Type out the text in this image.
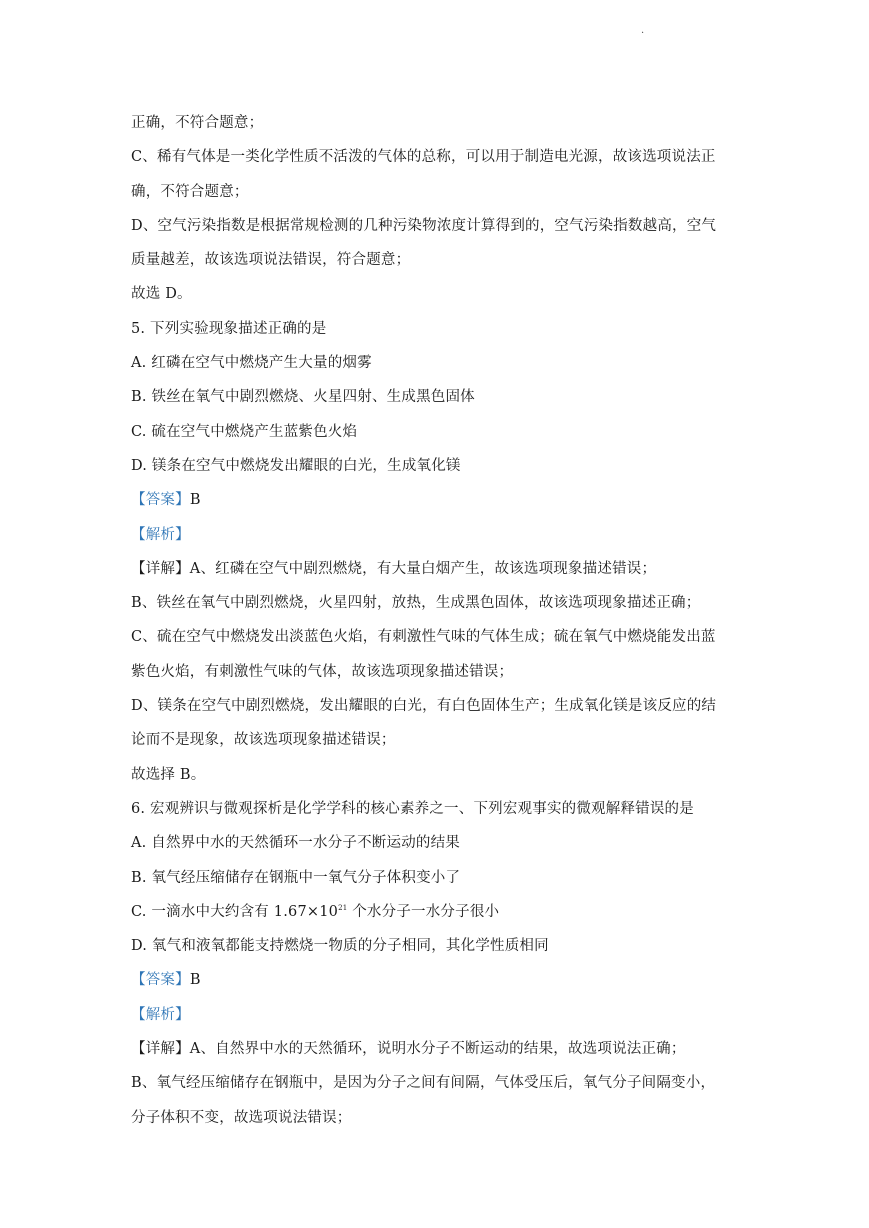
·
正确，不符合题意；
C、稀有气体是一类化学性质不活泼的气体的总称，可以用于制造电光源，故该选项说法正
确，不符合题意；
D、空气污染指数是根据常规检测的几种污染物浓度计算得到的，空气污染指数越高，空气
质量越差，故该选项说法错误，符合题意；
故选 D。
5. 下列实验现象描述正确的是
A. 红磷在空气中燃烧产生大量的烟雾
B. 铁丝在氧气中剧烈燃烧、火星四射、生成黑色固体
C. 硫在空气中燃烧产生蓝紫色火焰
D. 镁条在空气中燃烧发出耀眼的白光，生成氧化镁
【答案】B
【解析】
【详解】A、红磷在空气中剧烈燃烧，有大量白烟产生，故该选项现象描述错误；
B、铁丝在氧气中剧烈燃烧，火星四射，放热，生成黑色固体，故该选项现象描述正确；
C、硫在空气中燃烧发出淡蓝色火焰，有刺激性气味的气体生成；硫在氧气中燃烧能发出蓝
紫色火焰，有刺激性气味的气体，故该选项现象描述错误；
D、镁条在空气中剧烈燃烧，发出耀眼的白光，有白色固体生产；生成氧化镁是该反应的结
论而不是现象，故该选项现象描述错误；
故选择 B。
6. 宏观辨识与微观探析是化学学科的核心素养之一、下列宏观事实的微观解释错误的是
A. 自然界中水的天然循环一水分子不断运动的结果
B. 氧气经压缩储存在钢瓶中一氧气分子体积变小了
C. 一滴水中大约含有 $1.67\times 10^{21}$ 个水分子一水分子很小
D. 氧气和液氧都能支持燃烧一物质的分子相同，其化学性质相同
【答案】B
【解析】
【详解】A、自然界中水的天然循环，说明水分子不断运动的结果，故选项说法正确；
B、氧气经压缩储存在钢瓶中，是因为分子之间有间隔，气体受压后，氧气分子间隔变小，
分子体积不变，故选项说法错误；
